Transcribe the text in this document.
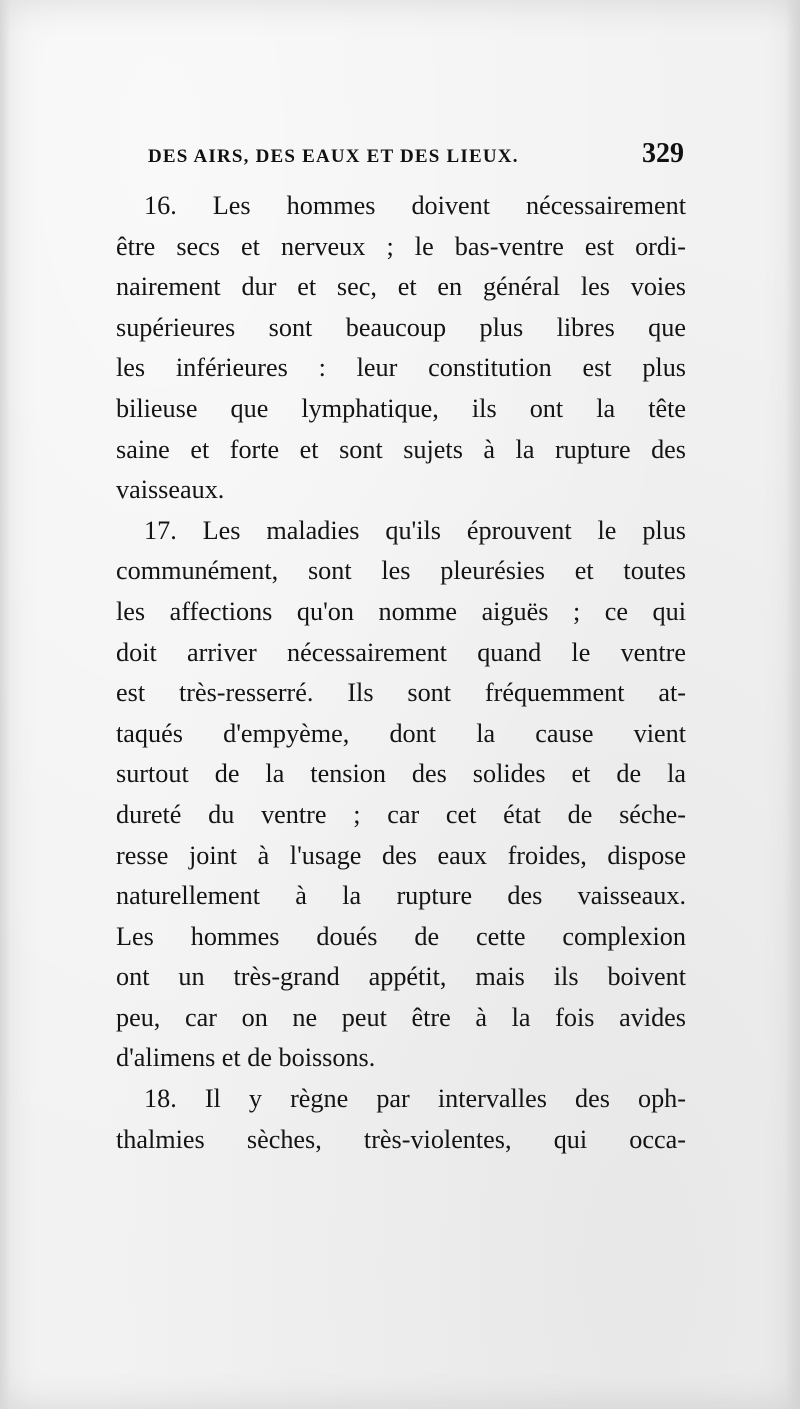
DES AIRS, DES EAUX ET DES LIEUX.	329
16. Les hommes doivent nécessairement
être secs et nerveux ; le bas-ventre est ordi-
nairement dur et sec, et en général les voies
supérieures sont beaucoup plus libres que
les inférieures : leur constitution est plus
bilieuse que lymphatique, ils ont la tête
saine et forte et sont sujets à la rupture des
vaisseaux.
17. Les maladies qu'ils éprouvent le plus
communément, sont les pleurésies et toutes
les affections qu'on nomme aiguës ; ce qui
doit arriver nécessairement quand le ventre
est très-resserré. Ils sont fréquemment at-
taqués d'empyème, dont la cause vient
surtout de la tension des solides et de la
dureté du ventre ; car cet état de séche-
resse joint à l'usage des eaux froides, dispose
naturellement à la rupture des vaisseaux.
Les hommes doués de cette complexion
ont un très-grand appétit, mais ils boivent
peu, car on ne peut être à la fois avides
d'alimens et de boissons.
18. Il y règne par intervalles des oph-
thalmies sèches, très-violentes, qui occa-
